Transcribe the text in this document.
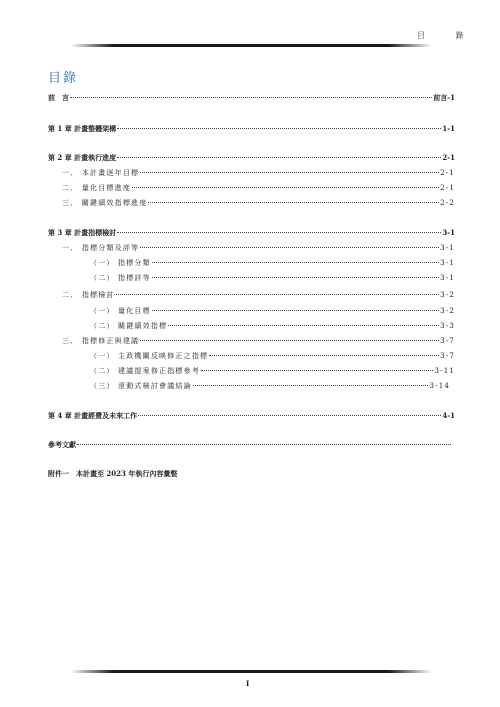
目 錄
目錄
前　言	前言-1
第 1 章 計畫整體架構	1-1
第 2 章 計畫執行進度	2-1
一、 本計畫逐年目標	2-1
二、 量化目標進度	2-1
三、 關鍵績效指標進度	2-2
第 3 章 計畫指標檢討	3-1
一、 指標分類及評等	3-1
（一） 指標分類	3-1
（二） 指標評等	3-1
二、 指標檢討	3-2
（一） 量化目標	3-2
（二） 關鍵績效指標	3-3
三、 指標修正與建議	3-7
（一） 主政機關反映修正之指標	3-7
（二） 建議提案修正指標參考	3-11
（三） 滾動式檢討會議結論	3-14
第 4 章 計畫經費及未來工作	4-1
參考文獻
附件一　本計畫至 2023 年執行內容彙整
I
